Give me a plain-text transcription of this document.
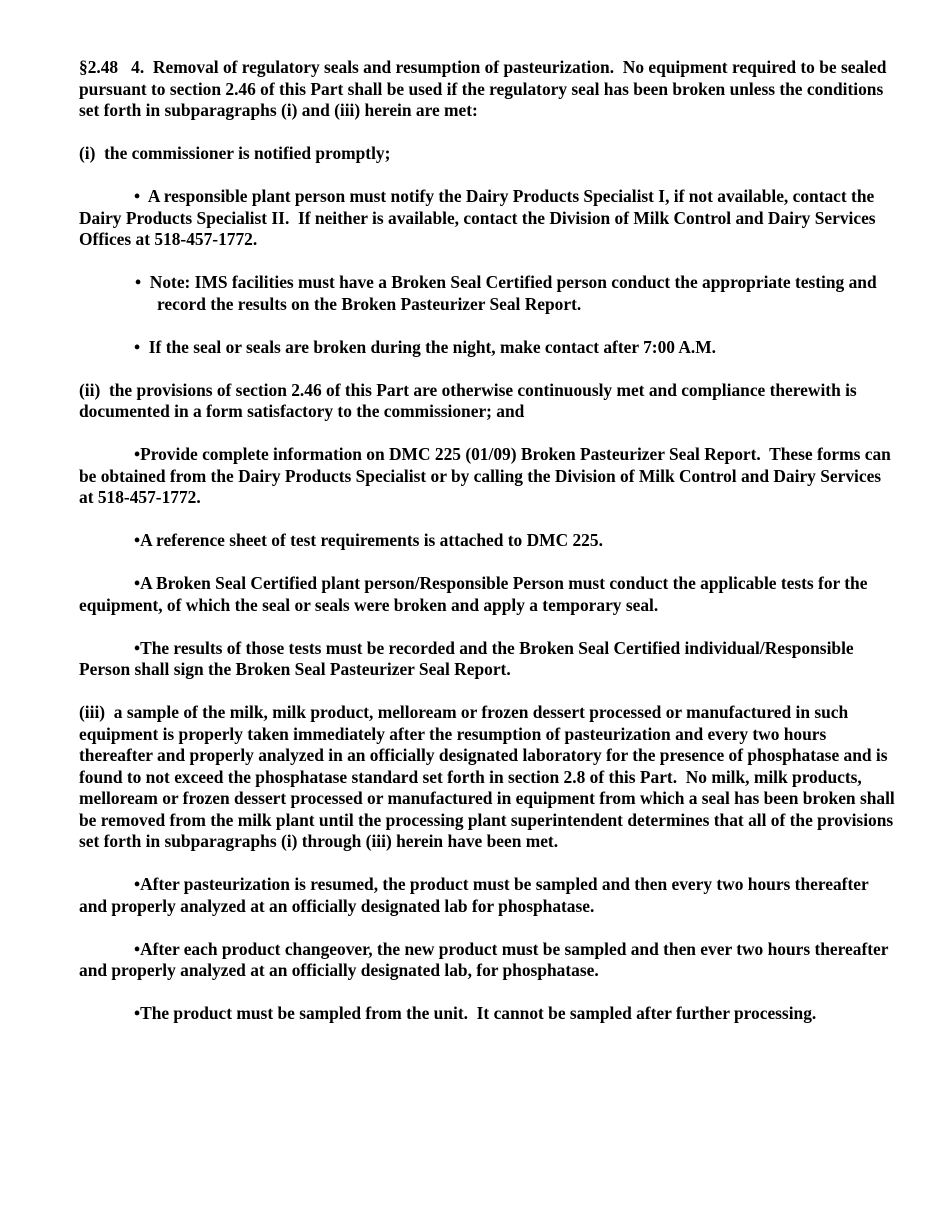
§2.48   4.  Removal of regulatory seals and resumption of pasteurization.  No equipment required to be sealed pursuant to section 2.46 of this Part shall be used if the regulatory seal has been broken unless the conditions set forth in subparagraphs (i) and (iii) herein are met:

(i)  the commissioner is notified promptly;

•  A responsible plant person must notify the Dairy Products Specialist I, if not available, contact the Dairy Products Specialist II.  If neither is available, contact the Division of Milk Control and Dairy Services Offices at 518-457-1772.

•  Note: IMS facilities must have a Broken Seal Certified person conduct the appropriate testing and record the results on the Broken Pasteurizer Seal Report.

•  If the seal or seals are broken during the night, make contact after 7:00 A.M.

(ii)  the provisions of section 2.46 of this Part are otherwise continuously met and compliance therewith is documented in a form satisfactory to the commissioner; and

•Provide complete information on DMC 225 (01/09) Broken Pasteurizer Seal Report.  These forms can be obtained from the Dairy Products Specialist or by calling the Division of Milk Control and Dairy Services at 518-457-1772.

•A reference sheet of test requirements is attached to DMC 225.

•A Broken Seal Certified plant person/Responsible Person must conduct the applicable tests for the equipment, of which the seal or seals were broken and apply a temporary seal.

•The results of those tests must be recorded and the Broken Seal Certified individual/Responsible Person shall sign the Broken Seal Pasteurizer Seal Report.

(iii)  a sample of the milk, milk product, melloream or frozen dessert processed or manufactured in such equipment is properly taken immediately after the resumption of pasteurization and every two hours thereafter and properly analyzed in an officially designated laboratory for the presence of phosphatase and is found to not exceed the phosphatase standard set forth in section 2.8 of this Part.  No milk, milk products, melloream or frozen dessert processed or manufactured in equipment from which a seal has been broken shall be removed from the milk plant until the processing plant superintendent determines that all of the provisions set forth in subparagraphs (i) through (iii) herein have been met.

•After pasteurization is resumed, the product must be sampled and then every two hours thereafter and properly analyzed at an officially designated lab for phosphatase.

•After each product changeover, the new product must be sampled and then ever two hours thereafter and properly analyzed at an officially designated lab, for phosphatase.

•The product must be sampled from the unit.  It cannot be sampled after further processing.
